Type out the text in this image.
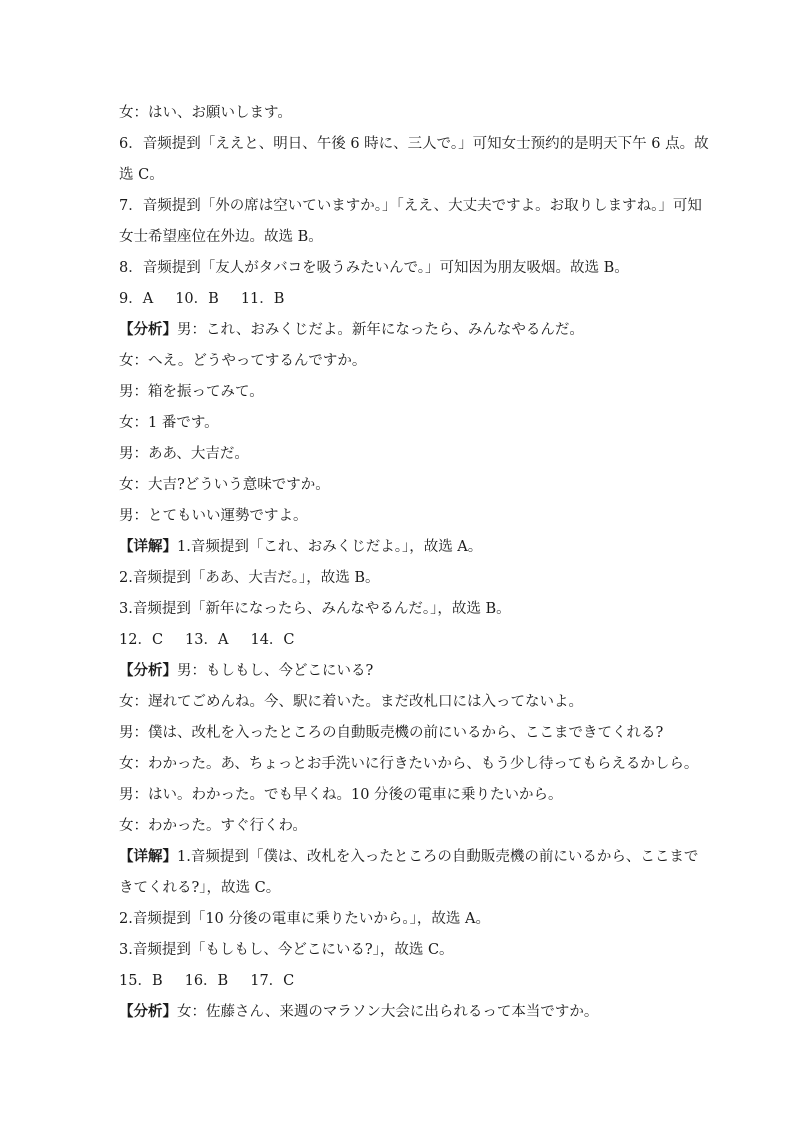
女：はい、お願いします。
6．音频提到「ええと、明日、午後 6 時に、三人で。」可知女士预约的是明天下午 6 点。故
选 C。
7．音频提到「外の席は空いていますか。」「ええ、大丈夫ですよ。お取りしますね。」可知
女士希望座位在外边。故选 B。
8．音频提到「友人がタバコを吸うみたいんで。」可知因为朋友吸烟。故选 B。
9．A 10．B 11．B
【分析】男：これ、おみくじだよ。新年になったら、みんなやるんだ。
女：へえ。どうやってするんですか。
男：箱を振ってみて。
女：1 番です。
男：ああ、大吉だ。
女：大吉?どういう意味ですか。
男：とてもいい運勢ですよ。
【详解】1.音频提到「これ、おみくじだよ。」，故选 A。
2.音频提到「ああ、大吉だ。」，故选 B。
3.音频提到「新年になったら、みんなやるんだ。」，故选 B。
12．C 13．A 14．C
【分析】男：もしもし、今どこにいる?
女：遅れてごめんね。今、駅に着いた。まだ改札口には入ってないよ。
男：僕は、改札を入ったところの自動販売機の前にいるから、ここまできてくれる?
女：わかった。あ、ちょっとお手洗いに行きたいから、もう少し待ってもらえるかしら。
男：はい。わかった。でも早くね。10 分後の電車に乗りたいから。
女：わかった。すぐ行くわ。
【详解】1.音频提到「僕は、改札を入ったところの自動販売機の前にいるから、ここまで
きてくれる?」，故选 C。
2.音频提到「10 分後の電車に乗りたいから。」，故选 A。
3.音频提到「もしもし、今どこにいる?」，故选 C。
15．B 16．B 17．C
【分析】女：佐藤さん、来週のマラソン大会に出られるって本当ですか。
